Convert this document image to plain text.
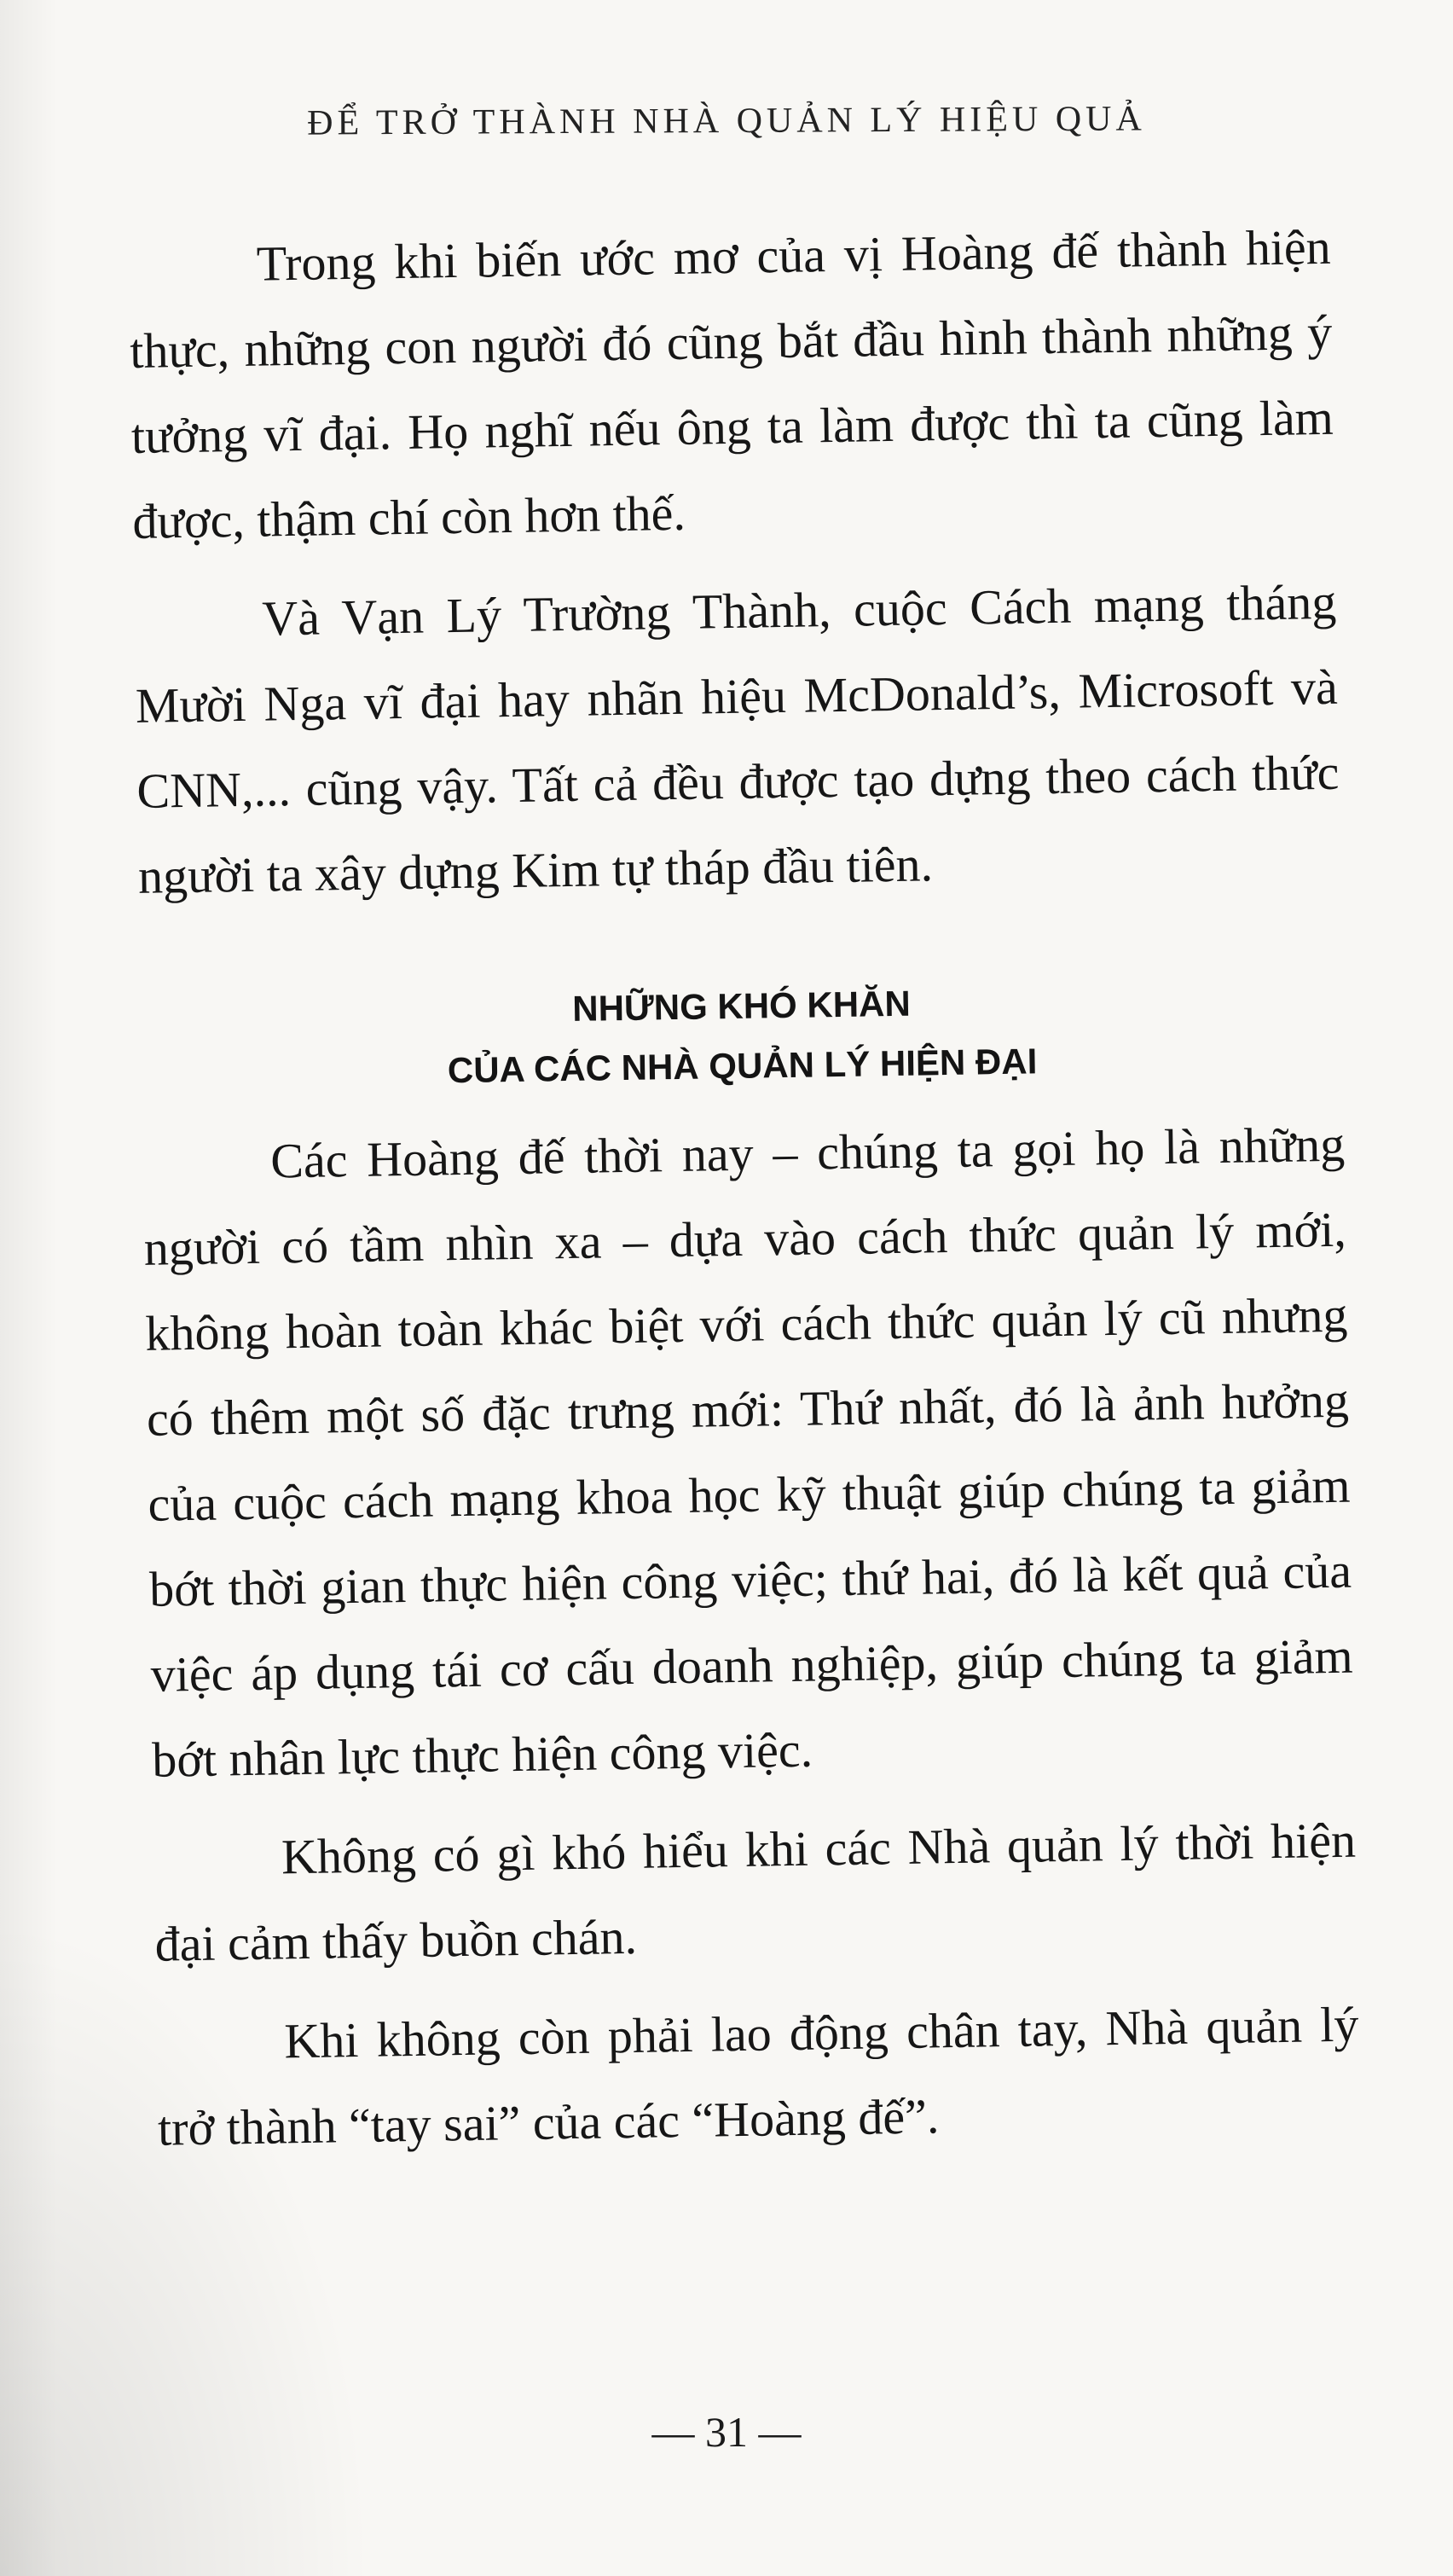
ĐỂ TRỞ THÀNH NHÀ QUẢN LÝ HIỆU QUẢ

Trong khi biến ước mơ của vị Hoàng đế thành hiện thực, những con người đó cũng bắt đầu hình thành những ý tưởng vĩ đại. Họ nghĩ nếu ông ta làm được thì ta cũng làm được, thậm chí còn hơn thế.

Và Vạn Lý Trường Thành, cuộc Cách mạng tháng Mười Nga vĩ đại hay nhãn hiệu McDonald’s, Microsoft và CNN,... cũng vậy. Tất cả đều được tạo dựng theo cách thức người ta xây dựng Kim tự tháp đầu tiên.

NHỮNG KHÓ KHĂN
CỦA CÁC NHÀ QUẢN LÝ HIỆN ĐẠI

Các Hoàng đế thời nay – chúng ta gọi họ là những người có tầm nhìn xa – dựa vào cách thức quản lý mới, không hoàn toàn khác biệt với cách thức quản lý cũ nhưng có thêm một số đặc trưng mới: Thứ nhất, đó là ảnh hưởng của cuộc cách mạng khoa học kỹ thuật giúp chúng ta giảm bớt thời gian thực hiện công việc; thứ hai, đó là kết quả của việc áp dụng tái cơ cấu doanh nghiệp, giúp chúng ta giảm bớt nhân lực thực hiện công việc.

Không có gì khó hiểu khi các Nhà quản lý thời hiện đại cảm thấy buồn chán.

Khi không còn phải lao động chân tay, Nhà quản lý trở thành “tay sai” của các “Hoàng đế”.

— 31 —
